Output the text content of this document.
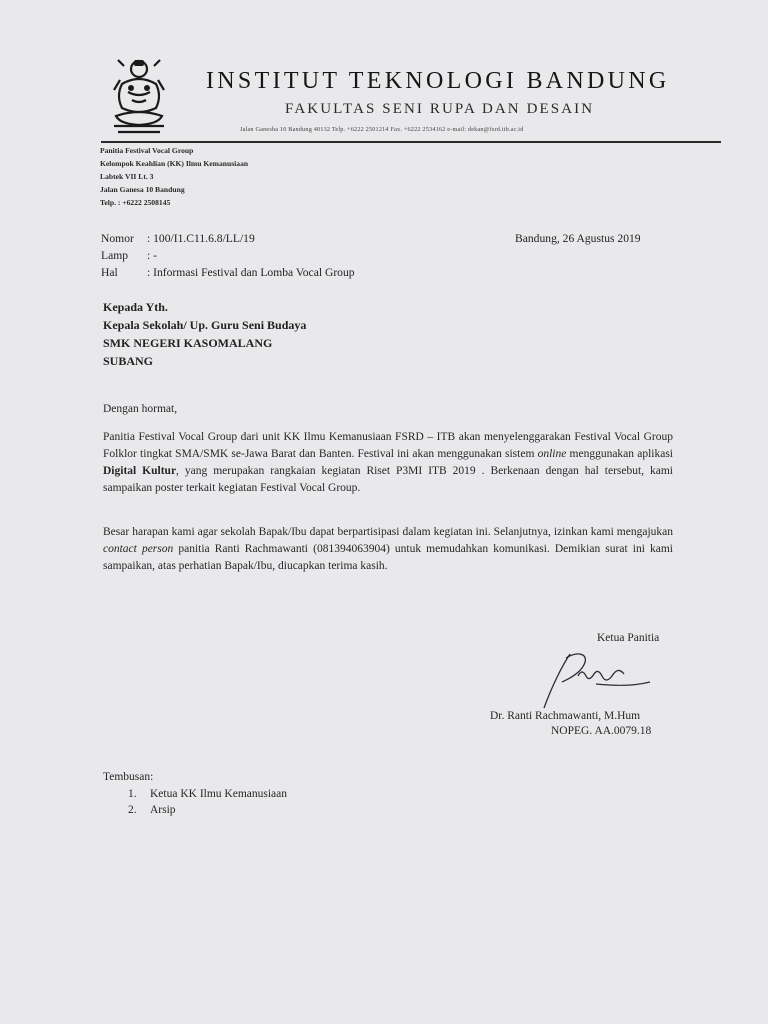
INSTITUT TEKNOLOGI BANDUNG
FAKULTAS SENI RUPA DAN DESAIN
Jalan Ganesha 10 Bandung 40132 Telp. +6222 2501214 Fax. +6222 2534162 e-mail: dekan@fsrd.itb.ac.id
Panitia Festival Vocal Group
Kelompok Keahlian (KK) Ilmu Kemanusiaan
Labtek VII Lt. 3
Jalan Ganesa 10 Bandung
Telp. : +6222 2508145
Nomor : 100/I1.C11.6.8/LL/19
Lamp : -
Hal	: Informasi Festival dan Lomba Vocal Group
Bandung, 26 Agustus 2019
Kepada Yth.
Kepala Sekolah/ Up. Guru Seni Budaya
SMK NEGERI KASOMALANG
SUBANG
Dengan hormat,
Panitia Festival Vocal Group dari unit KK Ilmu Kemanusiaan FSRD – ITB akan menyelenggarakan Festival Vocal Group Folklor tingkat SMA/SMK se-Jawa Barat dan Banten. Festival ini akan menggunakan sistem online menggunakan aplikasi Digital Kultur, yang merupakan rangkaian kegiatan Riset P3MI ITB 2019 . Berkenaan dengan hal tersebut, kami sampaikan poster terkait kegiatan Festival Vocal Group.
Besar harapan kami agar sekolah Bapak/Ibu dapat berpartisipasi dalam kegiatan ini. Selanjutnya, izinkan kami mengajukan contact person panitia Ranti Rachmawanti (081394063904) untuk memudahkan komunikasi. Demikian surat ini kami sampaikan, atas perhatian Bapak/Ibu, diucapkan terima kasih.
Ketua Panitia
Dr. Ranti Rachmawanti, M.Hum
NOPEG. AA.0079.18
Tembusan:
1. Ketua KK Ilmu Kemanusiaan
2. Arsip
